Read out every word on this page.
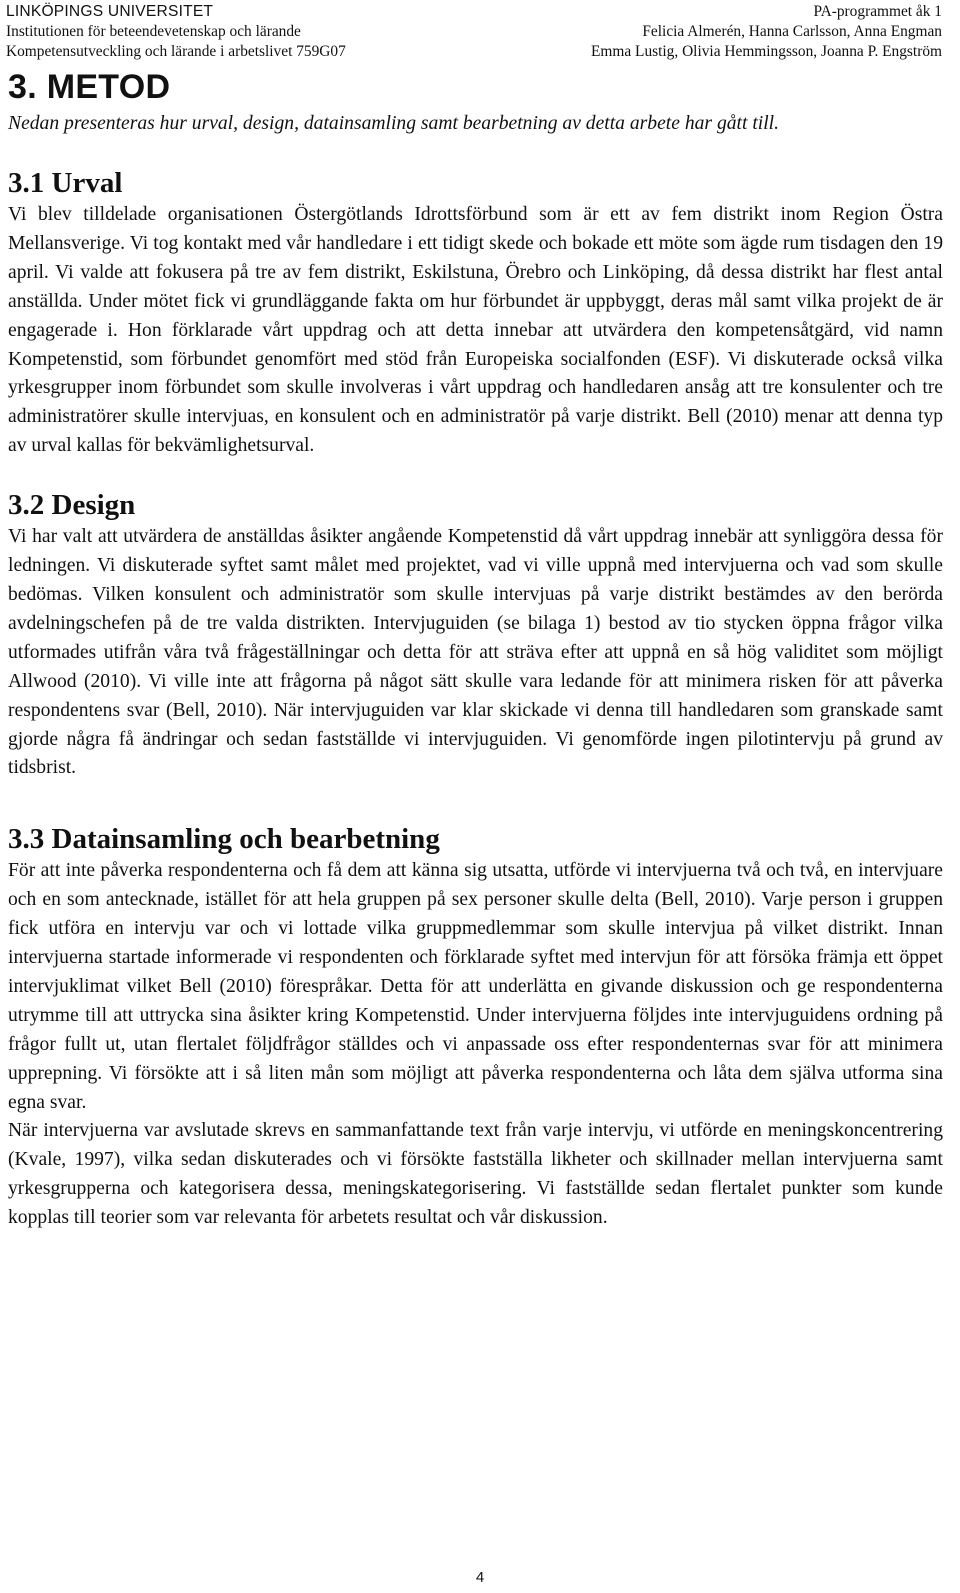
LINKÖPINGS UNIVERSITET
Institutionen för beteendevetenskap och lärande
Kompetensutveckling och lärande i arbetslivet 759G07
PA-programmet åk 1
Felicia Almerén, Hanna Carlsson, Anna Engman
Emma Lustig, Olivia Hemmingsson, Joanna P. Engström
3. METOD

Nedan presenteras hur urval, design, datainsamling samt bearbetning av detta arbete har gått till.

3.1 Urval

Vi blev tilldelade organisationen Östergötlands Idrottsförbund som är ett av fem distrikt inom Region Östra Mellansverige. Vi tog kontakt med vår handledare i ett tidigt skede och bokade ett möte som ägde rum tisdagen den 19 april. Vi valde att fokusera på tre av fem distrikt, Eskilstuna, Örebro och Linköping, då dessa distrikt har flest antal anställda. Under mötet fick vi grundläggande fakta om hur förbundet är uppbyggt, deras mål samt vilka projekt de är engagerade i. Hon förklarade vårt uppdrag och att detta innebar att utvärdera den kompetensåtgärd, vid namn Kompetenstid, som förbundet genomfört med stöd från Europeiska socialfonden (ESF). Vi diskuterade också vilka yrkesgrupper inom förbundet som skulle involveras i vårt uppdrag och handledaren ansåg att tre konsulenter och tre administratörer skulle intervjuas, en konsulent och en administratör på varje distrikt. Bell (2010) menar att denna typ av urval kallas för bekvämlighetsurval.

3.2 Design

Vi har valt att utvärdera de anställdas åsikter angående Kompetenstid då vårt uppdrag innebär att synliggöra dessa för ledningen. Vi diskuterade syftet samt målet med projektet, vad vi ville uppnå med intervjuerna och vad som skulle bedömas. Vilken konsulent och administratör som skulle intervjuas på varje distrikt bestämdes av den berörda avdelningschefen på de tre valda distrikten. Intervjuguiden (se bilaga 1) bestod av tio stycken öppna frågor vilka utformades utifrån våra två frågeställningar och detta för att sträva efter att uppnå en så hög validitet som möjligt Allwood (2010). Vi ville inte att frågorna på något sätt skulle vara ledande för att minimera risken för att påverka respondentens svar (Bell, 2010). När intervjuguiden var klar skickade vi denna till handledaren som granskade samt gjorde några få ändringar och sedan fastställde vi intervjuguiden. Vi genomförde ingen pilotintervju på grund av tidsbrist.

3.3 Datainsamling och bearbetning

För att inte påverka respondenterna och få dem att känna sig utsatta, utförde vi intervjuerna två och två, en intervjuare och en som antecknade, istället för att hela gruppen på sex personer skulle delta (Bell, 2010). Varje person i gruppen fick utföra en intervju var och vi lottade vilka gruppmedlemmar som skulle intervjua på vilket distrikt. Innan intervjuerna startade informerade vi respondenten och förklarade syftet med intervjun för att försöka främja ett öppet intervjuklimat vilket Bell (2010) förespråkar. Detta för att underlätta en givande diskussion och ge respondenterna utrymme till att uttrycka sina åsikter kring Kompetenstid. Under intervjuerna följdes inte intervjuguidens ordning på frågor fullt ut, utan flertalet följdfrågor ställdes och vi anpassade oss efter respondenternas svar för att minimera upprepning. Vi försökte att i så liten mån som möjligt att påverka respondenterna och låta dem själva utforma sina egna svar.

När intervjuerna var avslutade skrevs en sammanfattande text från varje intervju, vi utförde en meningskoncentrering (Kvale, 1997), vilka sedan diskuterades och vi försökte fastställa likheter och skillnader mellan intervjuerna samt yrkesgrupperna och kategorisera dessa, meningskategorisering. Vi fastställde sedan flertalet punkter som kunde kopplas till teorier som var relevanta för arbetets resultat och vår diskussion.

4
